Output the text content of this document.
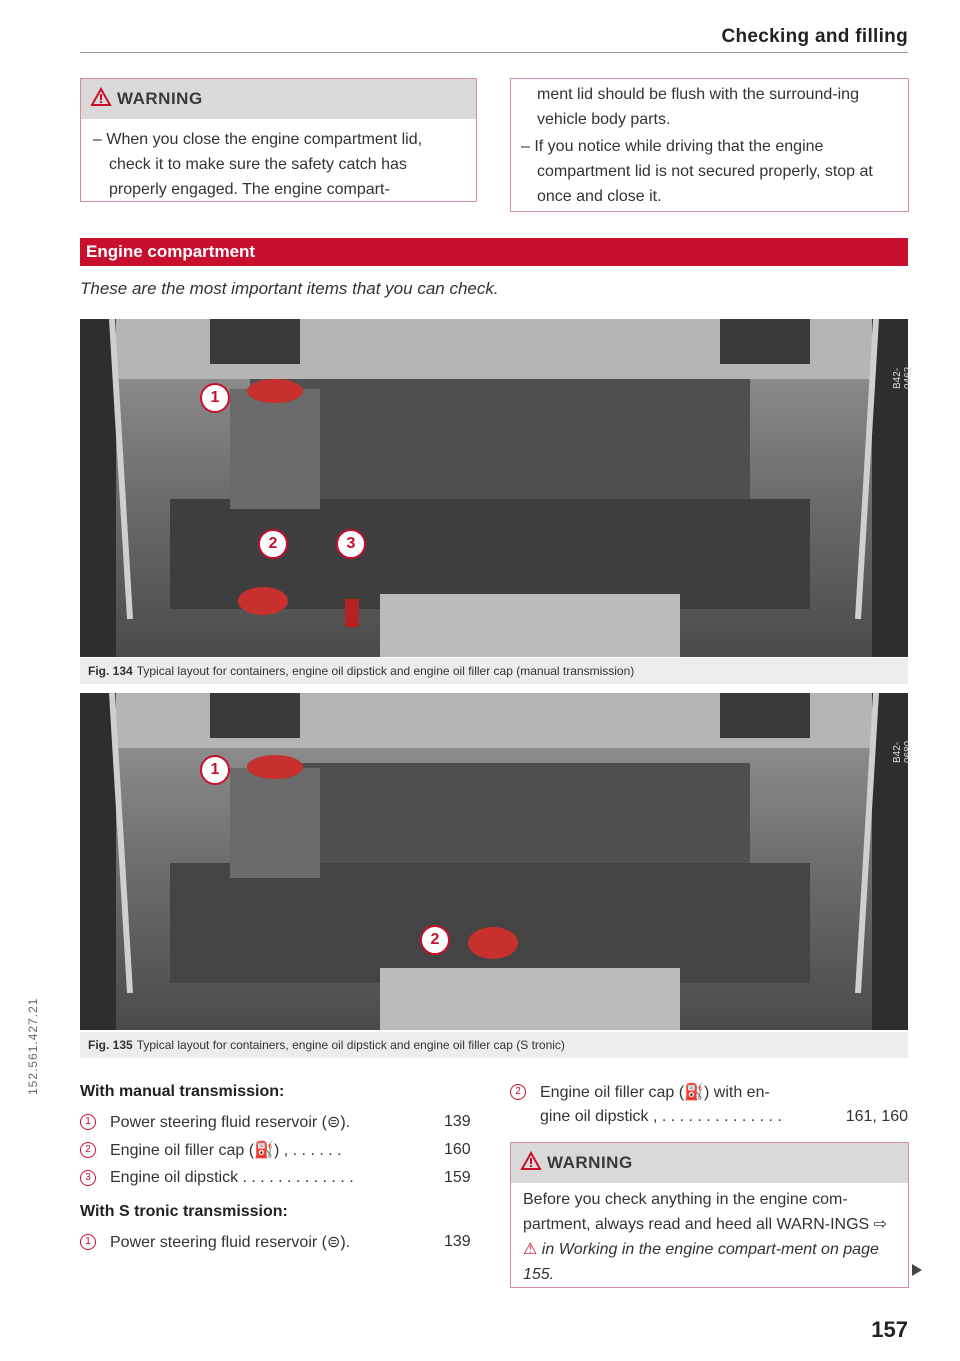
Checking and filling
WARNING
– When you close the engine compartment lid, check it to make sure the safety catch has properly engaged. The engine compart-
ment lid should be flush with the surround-ing vehicle body parts.
– If you notice while driving that the engine compartment lid is not secured properly, stop at once and close it.
Engine compartment
These are the most important items that you can check.
1
2	3
B42-0462
Fig. 134 Typical layout for containers, engine oil dipstick and engine oil filler cap (manual transmission)
1
2
B42-0680
Fig. 135 Typical layout for containers, engine oil dipstick and engine oil filler cap (S tronic)
With manual transmission:
1	Power steering fluid reservoir (⊜).	139
2	Engine oil filler cap (⛽) , . . . . . .	160
3	Engine oil dipstick . . . . . . . . . . . . .	159
With S tronic transmission:
1	Power steering fluid reservoir (⊜).	139
2	Engine oil filler cap (⛽) with en-
gine oil dipstick , . . . . . . . . . . . . . .	161, 160
WARNING
Before you check anything in the engine com-partment, always read and heed all WARN-INGS ⇨ ⚠ in Working in the engine compart-ment on page 155.
152.561.427.21
157
